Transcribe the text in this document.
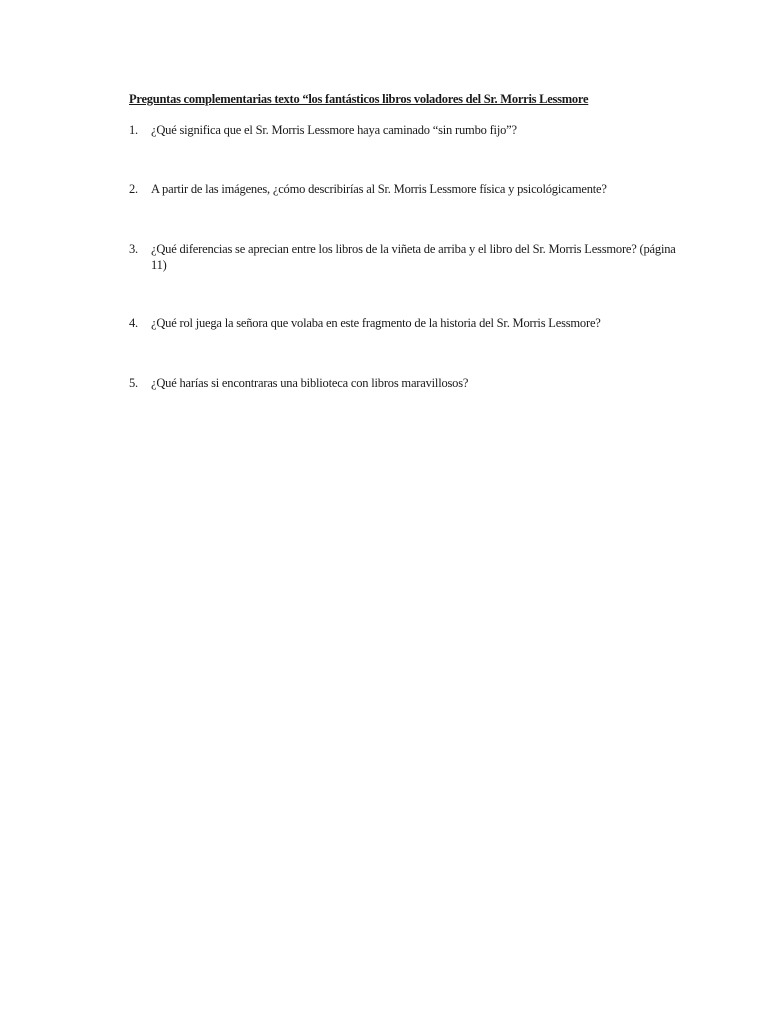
Preguntas complementarias texto “los fantásticos libros voladores del Sr. Morris Lessmore
1.	¿Qué significa que el Sr. Morris Lessmore haya caminado “sin rumbo fijo”?
2.	A partir de las imágenes, ¿cómo describirías al Sr. Morris Lessmore física y psicológicamente?
3.	¿Qué diferencias se aprecian entre los libros de la viñeta de arriba y el libro del Sr. Morris Lessmore? (página 11)
4.	¿Qué rol juega la señora que volaba en este fragmento de la historia del Sr. Morris Lessmore?
5.	¿Qué harías si encontraras una biblioteca con libros maravillosos?
